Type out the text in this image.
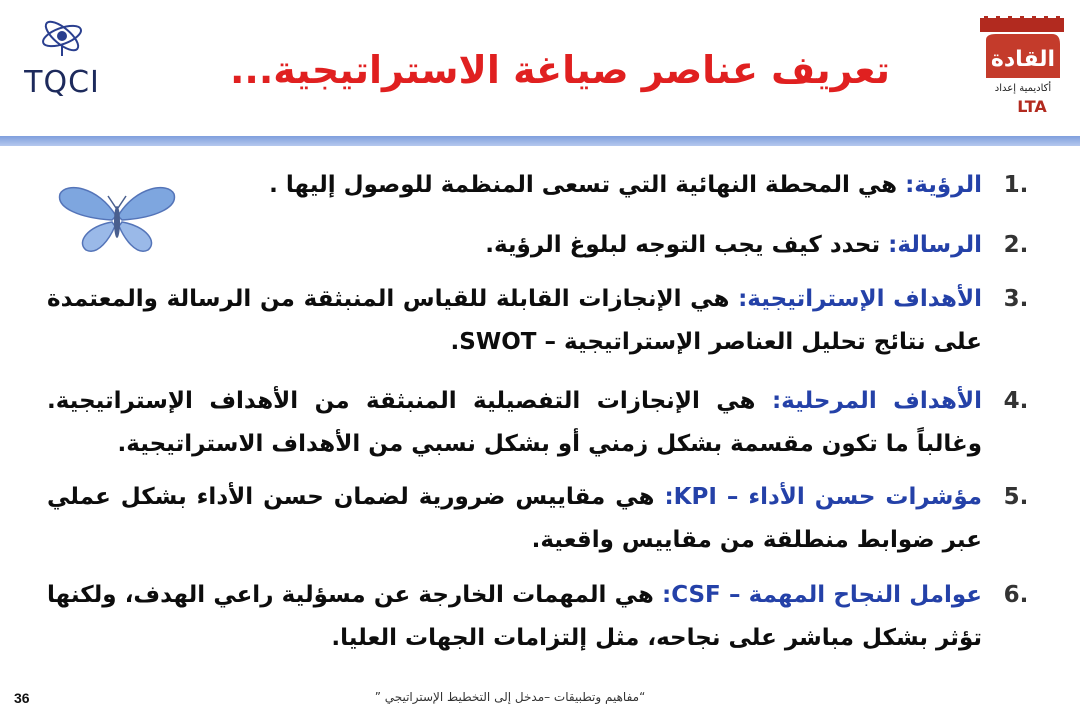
TQCI
القادة
أكاديمية إعداد
LTA
تعريف عناصر صياغة الاستراتيجية...
.1
الرؤية: هي المحطة النهائية التي تسعى المنظمة للوصول إليها .
.2
الرسالة: تحدد كيف يجب التوجه لبلوغ الرؤية.
.3
الأهداف الإستراتيجية: هي الإنجازات القابلة للقياس المنبثقة من الرسالة والمعتمدة على نتائج تحليل العناصر الإستراتيجية – SWOT.
.4
الأهداف المرحلية: هي الإنجازات التفصيلية المنبثقة من الأهداف الإستراتيجية. وغالباً ما تكون مقسمة بشكل زمني أو بشكل نسبي من الأهداف الاستراتيجية.
.5
مؤشرات حسن الأداء – KPI: هي مقاييس ضرورية لضمان حسن الأداء بشكل عملي عبر ضوابط منطلقة من مقاييس واقعية.
.6
عوامل النجاح المهمة – CSF: هي المهمات الخارجة عن مسؤلية راعي الهدف، ولكنها تؤثر بشكل مباشر على نجاحه، مثل إلتزامات الجهات العليا.
36	“مفاهيم وتطبيقات –مدخل إلى التخطيط الإستراتيجي ”
